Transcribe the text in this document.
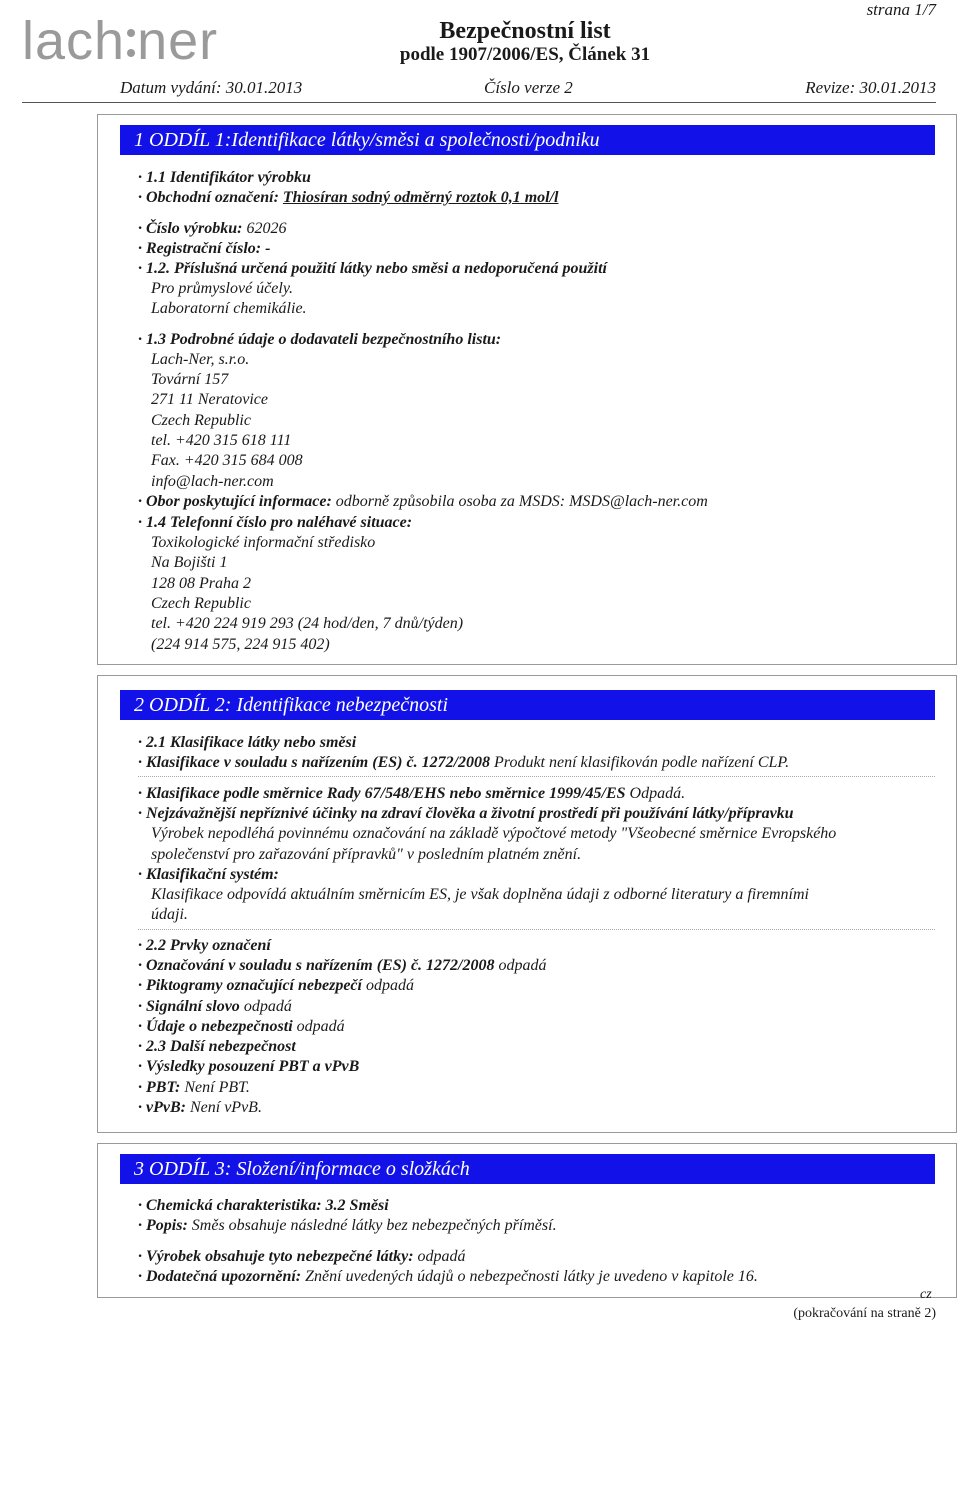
lach ner	Bezpečnostní list
podle 1907/2006/ES, Článek 31
strana 1/7
Datum vydání: 30.01.2013	Číslo verze 2	Revize: 30.01.2013
1 ODDÍL 1:Identifikace látky/směsi a společnosti/podniku
· 1.1 Identifikátor výrobku
· Obchodní označení: Thiosíran sodný odměrný roztok 0,1 mol/l
· Číslo výrobku: 62026
· Registrační číslo: -
· 1.2. Příslušná určená použití látky nebo směsi a nedoporučená použití
Pro průmyslové účely.
Laboratorní chemikálie.
· 1.3 Podrobné údaje o dodavateli bezpečnostního listu:
Lach-Ner, s.r.o.
Tovární 157
271 11 Neratovice
Czech Republic
tel. +420 315 618 111
Fax. +420 315 684 008
info@lach-ner.com
· Obor poskytující informace: odborně způsobila osoba za MSDS: MSDS@lach-ner.com
· 1.4 Telefonní číslo pro naléhavé situace:
Toxikologické informační středisko
Na Bojišti 1
128 08 Praha 2
Czech Republic
tel. +420 224 919 293 (24 hod/den, 7 dnů/týden)
(224 914 575, 224 915 402)
2 ODDÍL 2: Identifikace nebezpečnosti
· 2.1 Klasifikace látky nebo směsi
· Klasifikace v souladu s nařízením (ES) č. 1272/2008 Produkt není klasifikován podle nařízení CLP.
· Klasifikace podle směrnice Rady 67/548/EHS nebo směrnice 1999/45/ES Odpadá.
· Nejzávažnější nepříznivé účinky na zdraví člověka a životní prostředí při používání látky/přípravku
Výrobek nepodléhá povinnému označování na základě výpočtové metody "Všeobecné směrnice Evropského
společenství pro zařazování přípravků" v posledním platném znění.
· Klasifikační systém:
Klasifikace odpovídá aktuálním směrnicím ES, je však doplněna údaji z odborné literatury a firemními
údaji.
· 2.2 Prvky označení
· Označování v souladu s nařízením (ES) č. 1272/2008 odpadá
· Piktogramy označující nebezpečí odpadá
· Signální slovo odpadá
· Údaje o nebezpečnosti odpadá
· 2.3 Další nebezpečnost
· Výsledky posouzení PBT a vPvB
· PBT: Není PBT.
· vPvB: Není vPvB.
3 ODDÍL 3: Složení/informace o složkách
· Chemická charakteristika: 3.2 Směsi
· Popis: Směs obsahuje následné látky bez nebezpečných příměsí.
· Výrobek obsahuje tyto nebezpečné látky: odpadá
· Dodatečná upozornění: Znění uvedených údajů o nebezpečnosti látky je uvedeno v kapitole 16.
cz
(pokračování na straně 2)
